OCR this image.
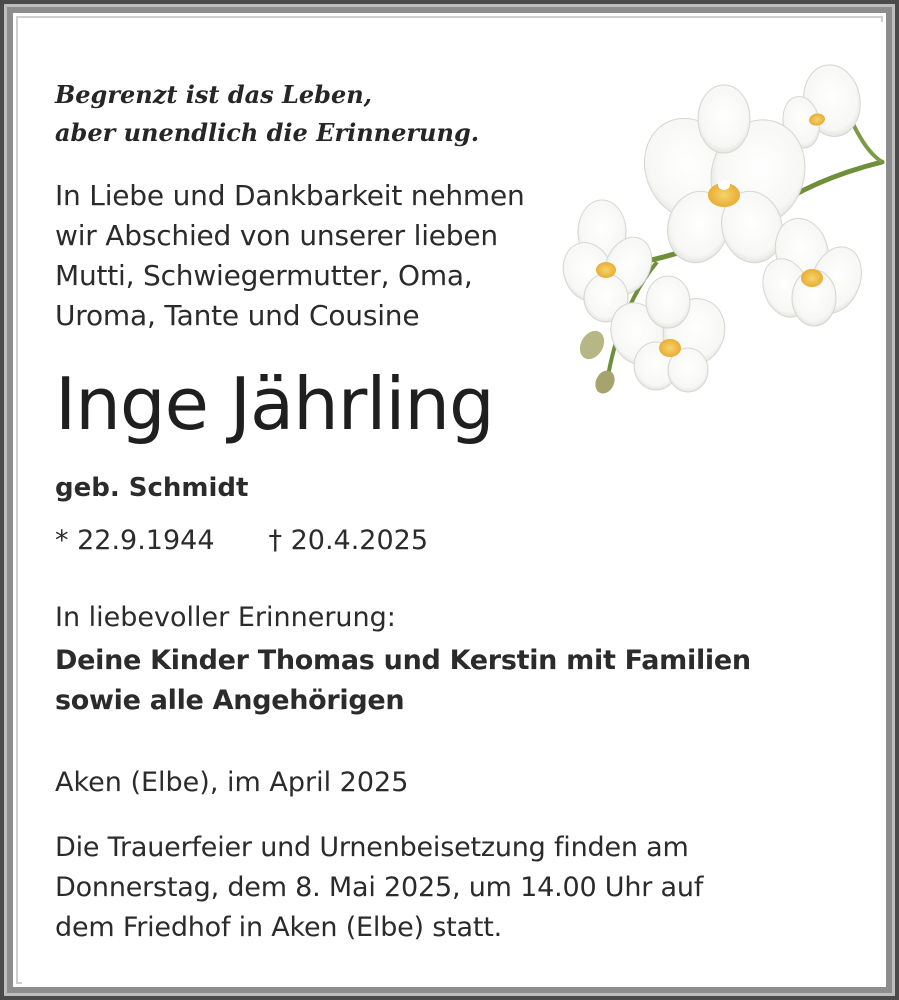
Begrenzt ist das Leben,
aber unendlich die Erinnerung.
In Liebe und Dankbarkeit nehmen
wir Abschied von unserer lieben
Mutti, Schwiegermutter, Oma,
Uroma, Tante und Cousine
Inge Jährling
geb. Schmidt
* 22.9.1944 † 20.4.2025
In liebevoller Erinnerung:
Deine Kinder Thomas und Kerstin mit Familien
sowie alle Angehörigen
Aken (Elbe), im April 2025
Die Trauerfeier und Urnenbeisetzung finden am
Donnerstag, dem 8. Mai 2025, um 14.00 Uhr auf
dem Friedhof in Aken (Elbe) statt.
